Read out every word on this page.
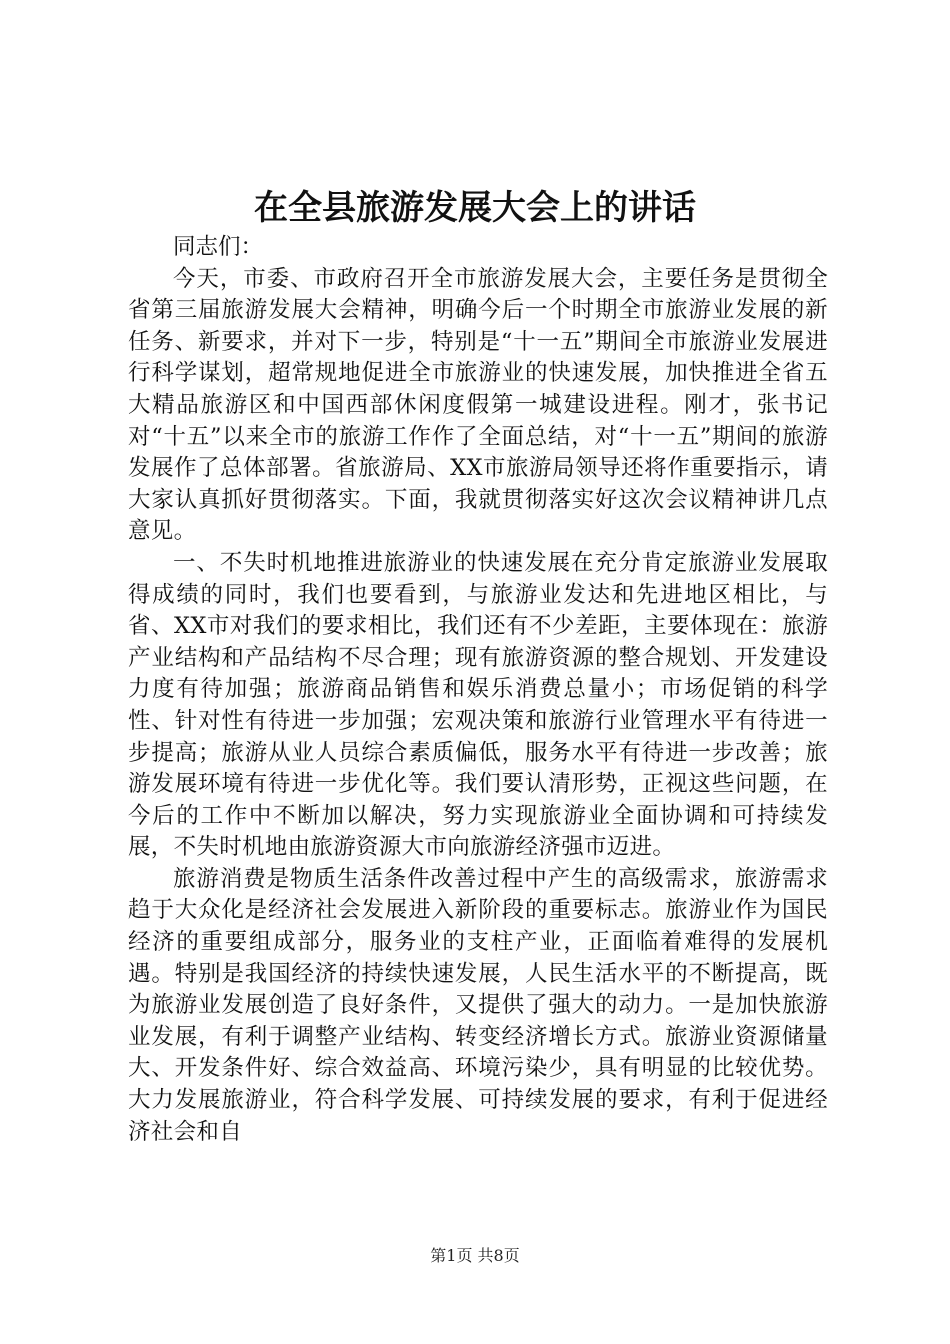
在全县旅游发展大会上的讲话

同志们：

今天，市委、市政府召开全市旅游发展大会，主要任务是贯彻全省第三届旅游发展大会精神，明确今后一个时期全市旅游业发展的新任务、新要求，并对下一步，特别是“十一五”期间全市旅游业发展进行科学谋划，超常规地促进全市旅游业的快速发展，加快推进全省五大精品旅游区和中国西部休闲度假第一城建设进程。刚才，张书记对“十五”以来全市的旅游工作作了全面总结，对“十一五”期间的旅游发展作了总体部署。省旅游局、XX市旅游局领导还将作重要指示，请大家认真抓好贯彻落实。下面，我就贯彻落实好这次会议精神讲几点意见。

一、不失时机地推进旅游业的快速发展在充分肯定旅游业发展取得成绩的同时，我们也要看到，与旅游业发达和先进地区相比，与省、XX市对我们的要求相比，我们还有不少差距，主要体现在：旅游产业结构和产品结构不尽合理；现有旅游资源的整合规划、开发建设力度有待加强；旅游商品销售和娱乐消费总量小；市场促销的科学性、针对性有待进一步加强；宏观决策和旅游行业管理水平有待进一步提高；旅游从业人员综合素质偏低，服务水平有待进一步改善；旅游发展环境有待进一步优化等。我们要认清形势，正视这些问题，在今后的工作中不断加以解决，努力实现旅游业全面协调和可持续发展，不失时机地由旅游资源大市向旅游经济强市迈进。

旅游消费是物质生活条件改善过程中产生的高级需求，旅游需求趋于大众化是经济社会发展进入新阶段的重要标志。旅游业作为国民经济的重要组成部分，服务业的支柱产业，正面临着难得的发展机遇。特别是我国经济的持续快速发展，人民生活水平的不断提高，既为旅游业发展创造了良好条件，又提供了强大的动力。一是加快旅游业发展，有利于调整产业结构、转变经济增长方式。旅游业资源储量大、开发条件好、综合效益高、环境污染少，具有明显的比较优势。大力发展旅游业，符合科学发展、可持续发展的要求，有利于促进经济社会和自

第1页 共8页
